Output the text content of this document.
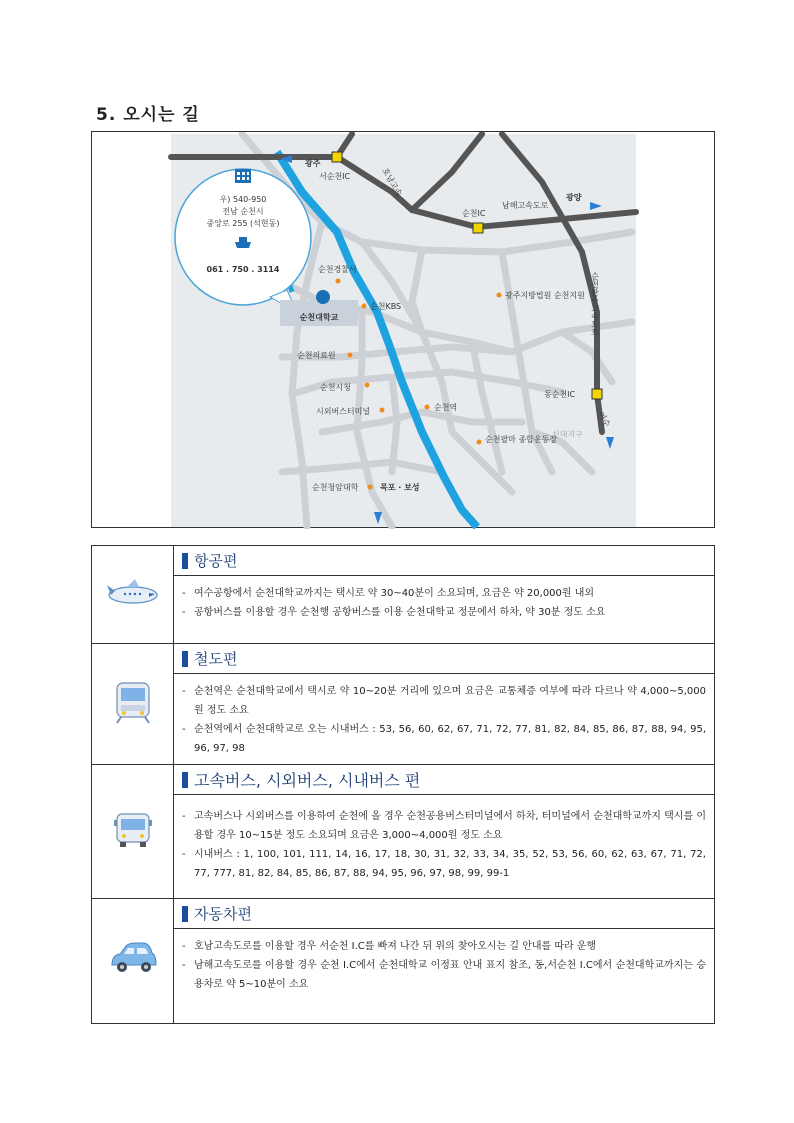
5. 오시는 길
우) 540-950
전남 순천시
중앙로 255 (석현동)
061 . 750 . 3114
순천대학교
광주
서순천IC	호남고속
순천IC
남해고속도로
광양
순천완주고속도로
동순천IC
여수
순천경찰서
순천KBS
광주지방법원 순천지원
순천의료원
순천시청
시외버스터미널	순천역
신대지구
순천팔마 종합운동장
순천청암대학	목포 · 보성

항공편
- 여수공항에서 순천대학교까지는 택시로 약 30~40분이 소요되며, 요금은 약 20,000원 내외
- 공항버스를 이용할 경우 순천행 공항버스를 이용 순천대학교 정문에서 하차, 약 30분 정도 소요

철도편
- 순천역은 순천대학교에서 택시로 약 10~20분 거리에 있으며 요금은 교통체증 여부에 따라 다르나 약 4,000~5,000원 정도 소요
- 순천역에서 순천대학교로 오는 시내버스 : 53, 56, 60, 62, 67, 71, 72, 77, 81, 82, 84, 85, 86, 87, 88, 94, 95, 96, 97, 98

고속버스, 시외버스, 시내버스 편
- 고속버스나 시외버스를 이용하여 순천에 올 경우 순천공용버스터미널에서 하차, 터미널에서 순천대학교까지 택시를 이용할 경우 10~15분 정도 소요되며 요금은 3,000~4,000원 정도 소요
- 시내버스 : 1, 100, 101, 111, 14, 16, 17, 18, 30, 31, 32, 33, 34, 35, 52, 53, 56, 60, 62, 63, 67, 71, 72, 77, 777, 81, 82, 84, 85, 86, 87, 88, 94, 95, 96, 97, 98, 99, 99-1

자동차편
- 호남고속도로를 이용할 경우 서순천 I.C를 빠져 나간 뒤 위의 찾아오시는 길 안내를 따라 운행
- 남해고속도로를 이용할 경우 순천 I.C에서 순천대학교 이정표 안내 표지 참조, 동,서순천 I.C에서 순천대학교까지는 승용차로 약 5~10분이 소요
